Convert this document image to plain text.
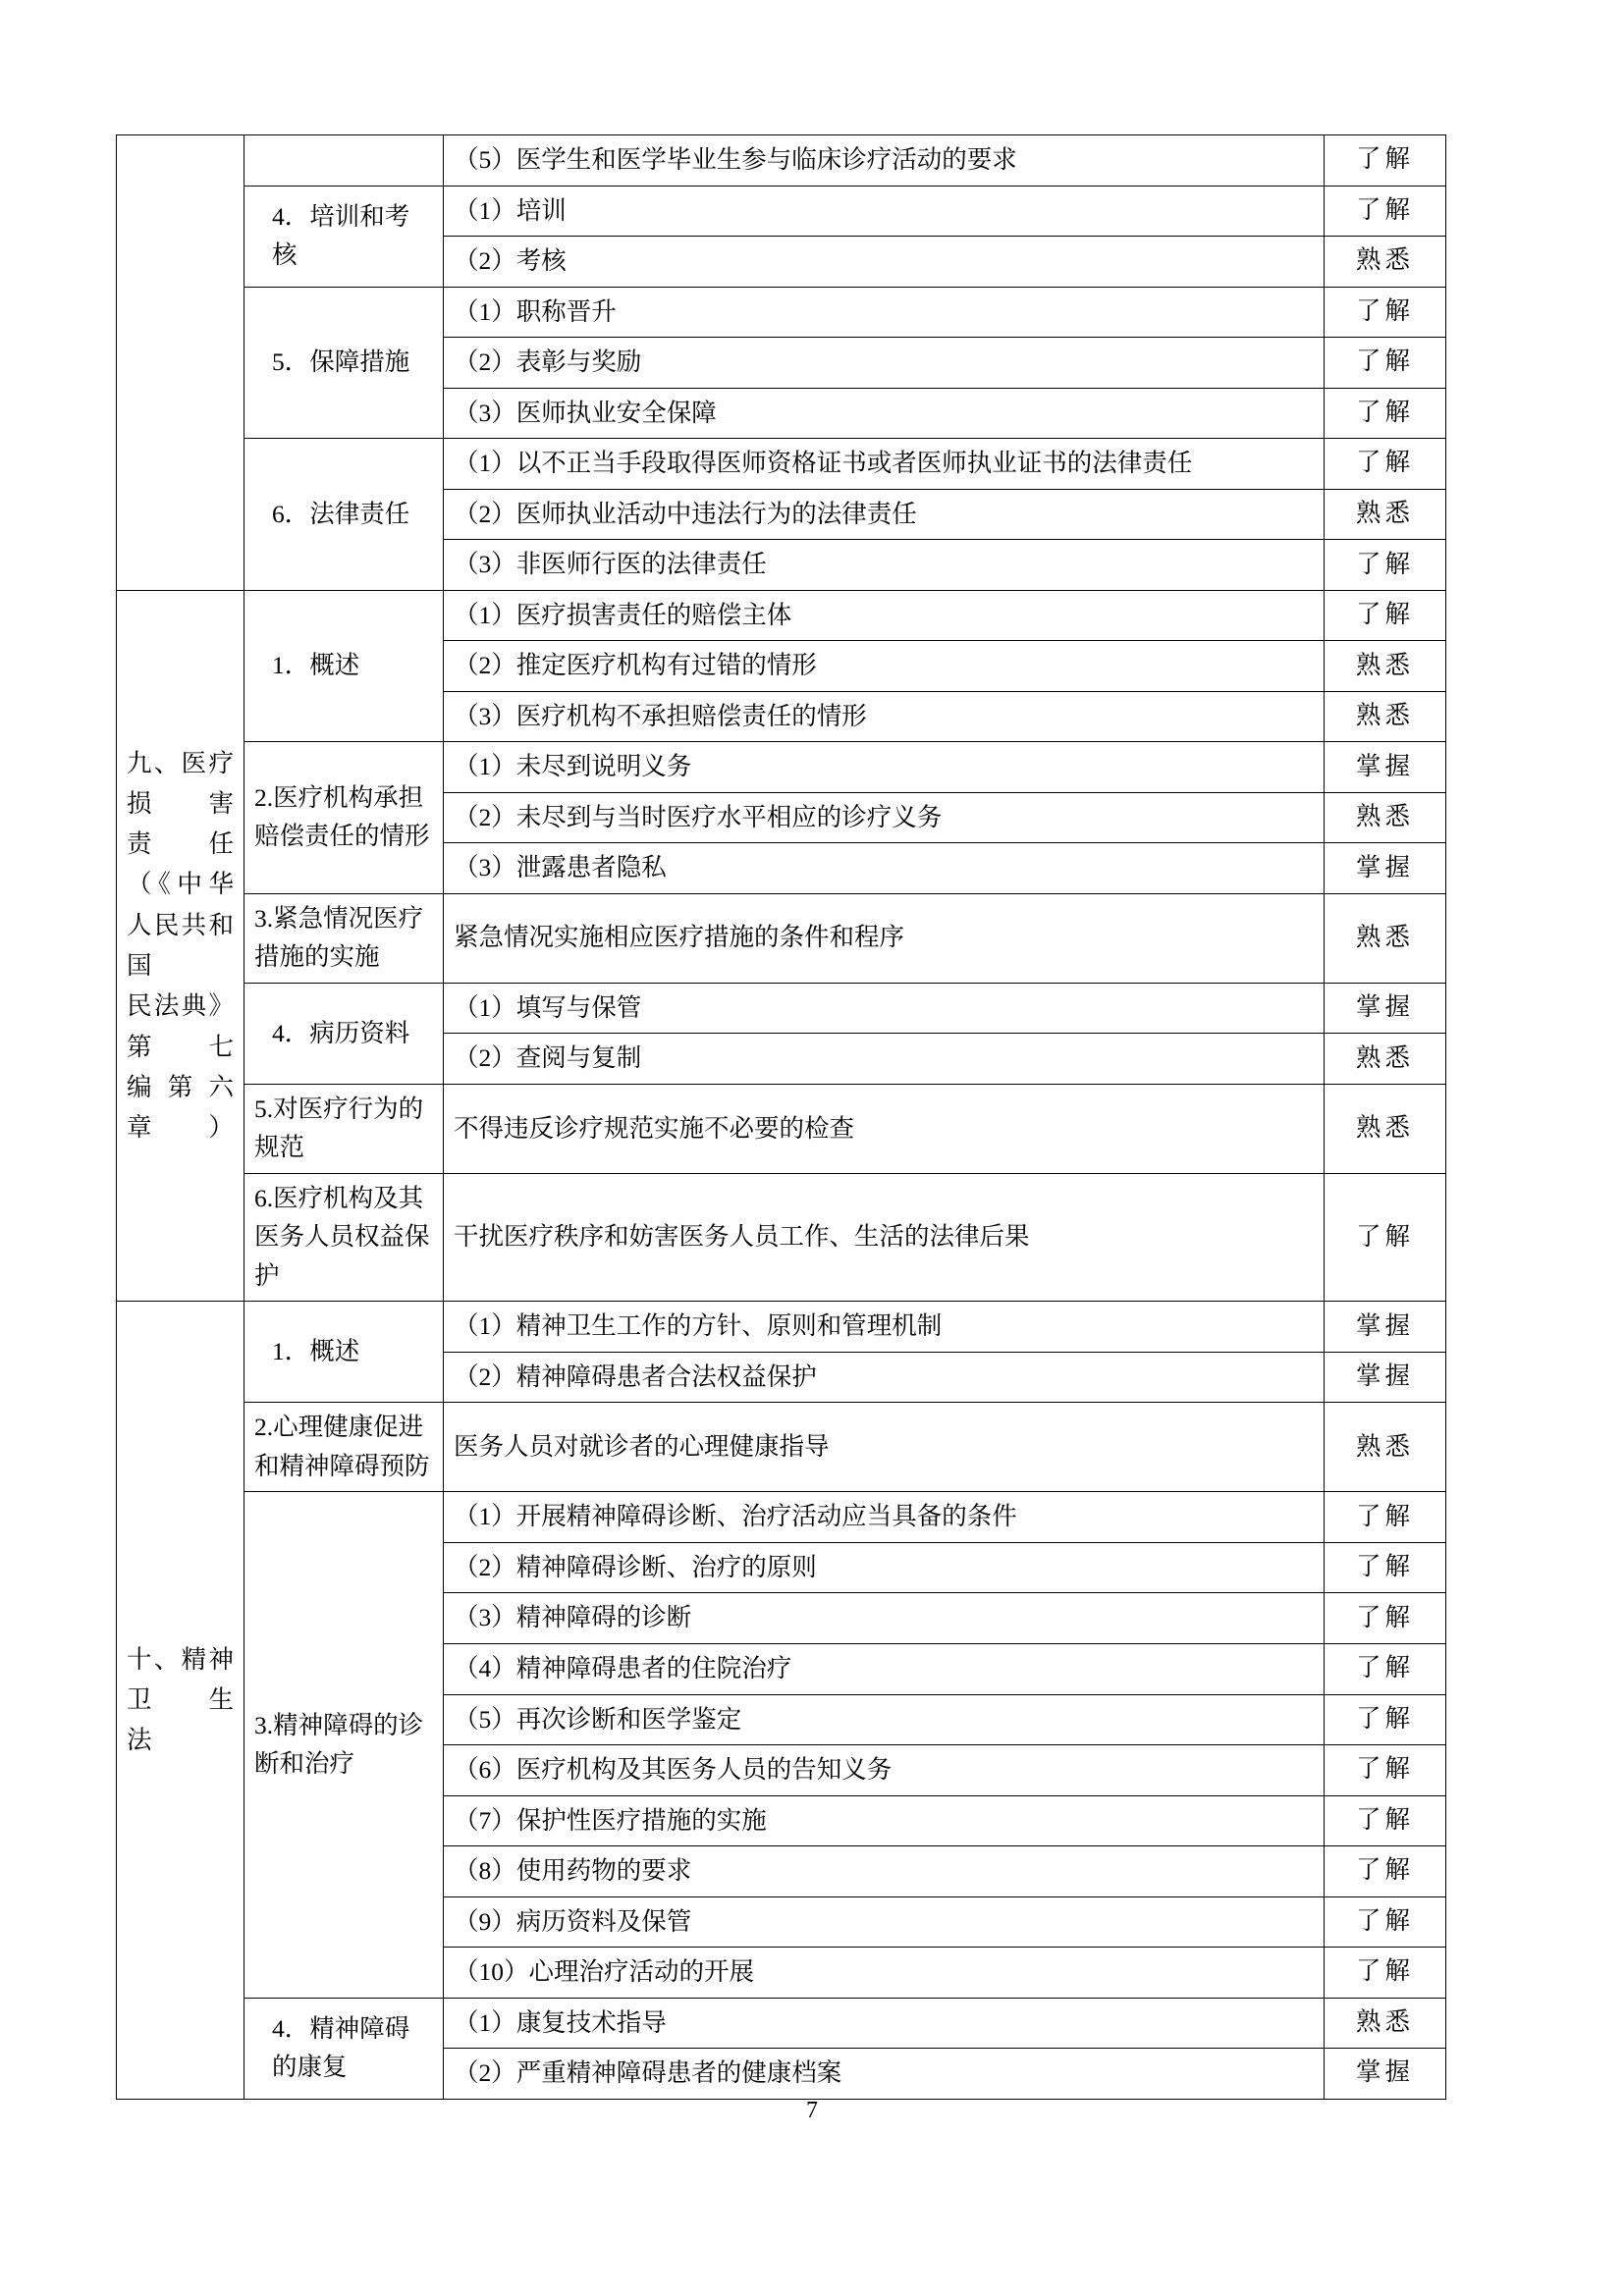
		（5）医学生和医学毕业生参与临床诊疗活动的要求	了解
	4．培训和考核	（1）培训	了解
		（2）考核	熟悉
	5．保障措施	（1）职称晋升	了解
		（2）表彰与奖励	了解
		（3）医师执业安全保障	了解
	6．法律责任	（1）以不正当手段取得医师资格证书或者医师执业证书的法律责任	了解
		（2）医师执业活动中违法行为的法律责任	熟悉
		（3）非医师行医的法律责任	了解

九、医疗损害
责任（《中华
人民共和国
民法典》第七
编第六章）	1．概述	（1）医疗损害责任的赔偿主体	了解
		（2）推定医疗机构有过错的情形	熟悉
		（3）医疗机构不承担赔偿责任的情形	熟悉
	2.医疗机构承担赔偿责任的情形	（1）未尽到说明义务	掌握
		（2）未尽到与当时医疗水平相应的诊疗义务	熟悉
		（3）泄露患者隐私	掌握
	3.紧急情况医疗措施的实施	紧急情况实施相应医疗措施的条件和程序	熟悉
	4．病历资料	（1）填写与保管	掌握
		（2）查阅与复制	熟悉
	5.对医疗行为的规范	不得违反诊疗规范实施不必要的检查	熟悉
	6.医疗机构及其医务人员权益保护	干扰医疗秩序和妨害医务人员工作、生活的法律后果	了解

十、精神卫生
法	1．概述	（1）精神卫生工作的方针、原则和管理机制	掌握
		（2）精神障碍患者合法权益保护	掌握
	2.心理健康促进和精神障碍预防	医务人员对就诊者的心理健康指导	熟悉
	3.精神障碍的诊断和治疗	（1）开展精神障碍诊断、治疗活动应当具备的条件	了解
		（2）精神障碍诊断、治疗的原则	了解
		（3）精神障碍的诊断	了解
		（4）精神障碍患者的住院治疗	了解
		（5）再次诊断和医学鉴定	了解
		（6）医疗机构及其医务人员的告知义务	了解
		（7）保护性医疗措施的实施	了解
		（8）使用药物的要求	了解
		（9）病历资料及保管	了解
		（10）心理治疗活动的开展	了解
	4．精神障碍的康复	（1）康复技术指导	熟悉
		（2）严重精神障碍患者的健康档案	掌握
7
